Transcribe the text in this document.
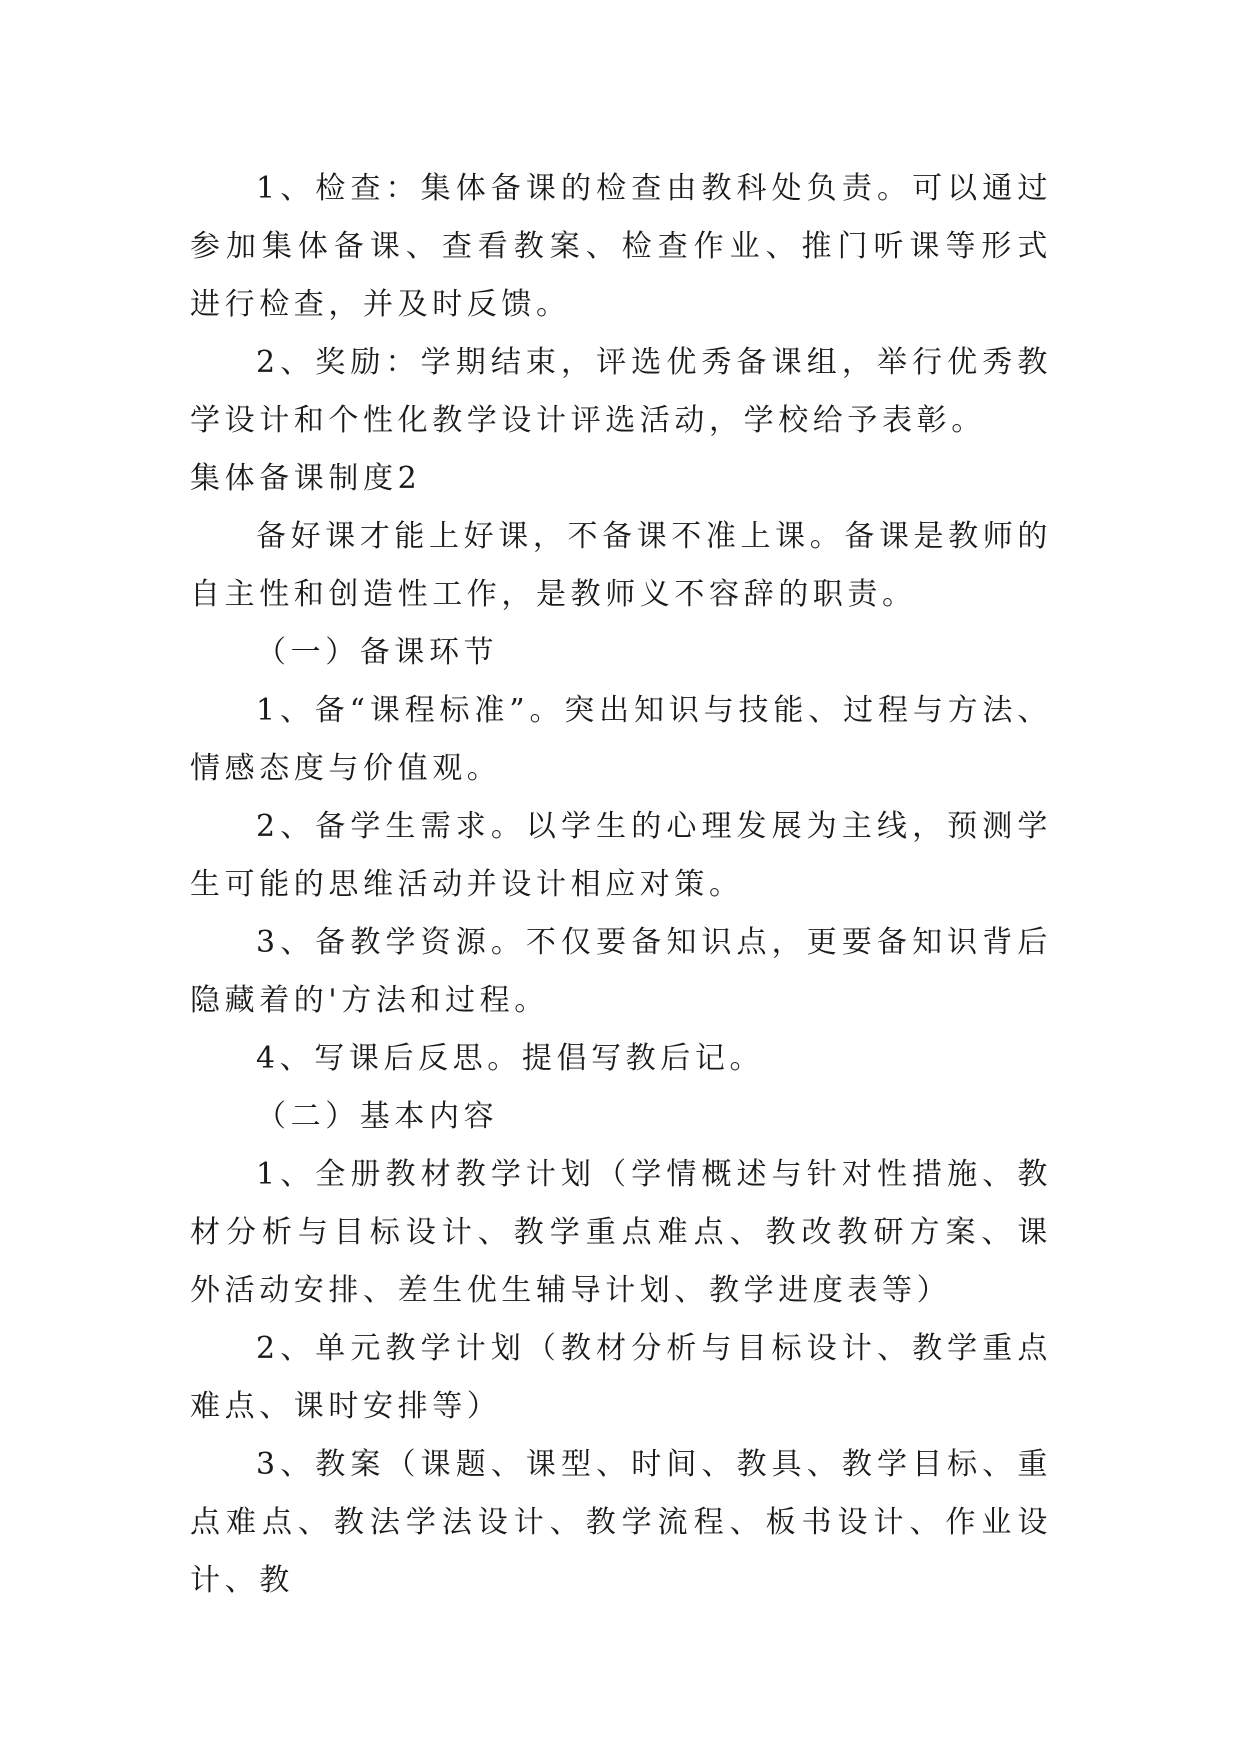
1、检查：集体备课的检查由教科处负责。可以通过参加集体备课、查看教案、检查作业、推门听课等形式进行检查，并及时反馈。

2、奖励：学期结束，评选优秀备课组，举行优秀教学设计和个性化教学设计评选活动，学校给予表彰。

集体备课制度2

备好课才能上好课，不备课不准上课。备课是教师的自主性和创造性工作，是教师义不容辞的职责。

（一）备课环节

1、备“课程标准”。突出知识与技能、过程与方法、情感态度与价值观。

2、备学生需求。以学生的心理发展为主线，预测学生可能的思维活动并设计相应对策。

3、备教学资源。不仅要备知识点，更要备知识背后隐藏着的'方法和过程。

4、写课后反思。提倡写教后记。

（二）基本内容

1、全册教材教学计划（学情概述与针对性措施、教材分析与目标设计、教学重点难点、教改教研方案、课外活动安排、差生优生辅导计划、教学进度表等）

2、单元教学计划（教材分析与目标设计、教学重点难点、课时安排等）

3、教案（课题、课型、时间、教具、教学目标、重点难点、教法学法设计、教学流程、板书设计、作业设计、教
